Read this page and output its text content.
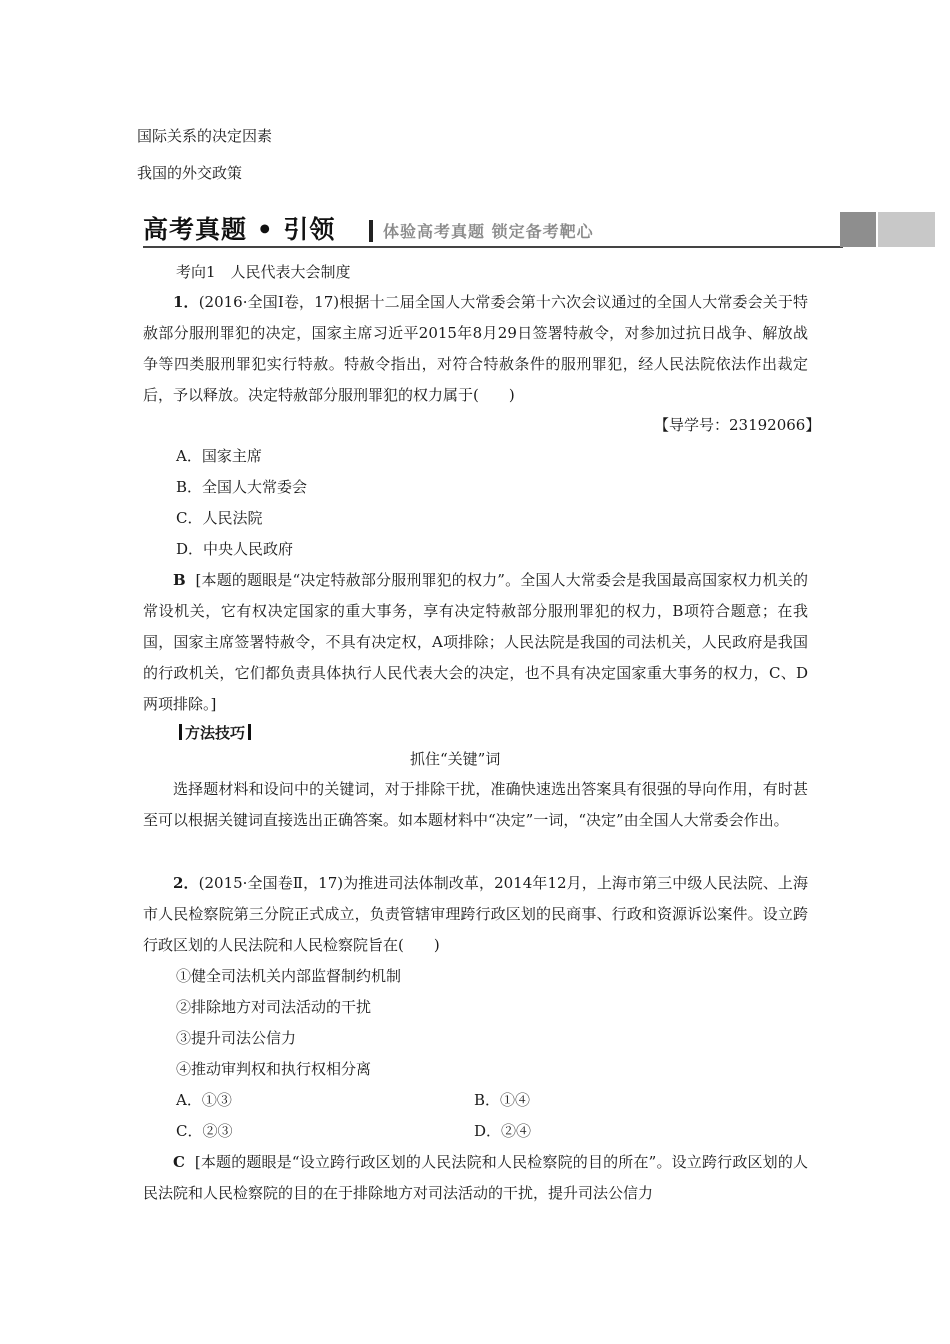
国际关系的决定因素
我国的外交政策
高考真题 • 引领	体验高考真题 锁定备考靶心
考向1　人民代表大会制度
1．(2016·全国Ⅰ卷，17)根据十二届全国人大常委会第十六次会议通过的全国人大常委会关于特赦部分服刑罪犯的决定，国家主席习近平2015年8月29日签署特赦令，对参加过抗日战争、解放战争等四类服刑罪犯实行特赦。特赦令指出，对符合特赦条件的服刑罪犯，经人民法院依法作出裁定后，予以释放。决定特赦部分服刑罪犯的权力属于(　　)
【导学号：23192066】
A．国家主席
B．全国人大常委会
C．人民法院
D．中央人民政府
B [本题的题眼是“决定特赦部分服刑罪犯的权力”。全国人大常委会是我国最高国家权力机关的常设机关，它有权决定国家的重大事务，享有决定特赦部分服刑罪犯的权力，B项符合题意；在我国，国家主席签署特赦令，不具有决定权，A项排除；人民法院是我国的司法机关，人民政府是我国的行政机关，它们都负责具体执行人民代表大会的决定，也不具有决定国家重大事务的权力，C、D两项排除。]
方法技巧
抓住“关键”词
选择题材料和设问中的关键词，对于排除干扰，准确快速选出答案具有很强的导向作用，有时甚至可以根据关键词直接选出正确答案。如本题材料中“决定”一词，“决定”由全国人大常委会作出。
2．(2015·全国卷Ⅱ，17)为推进司法体制改革，2014年12月，上海市第三中级人民法院、上海市人民检察院第三分院正式成立，负责管辖审理跨行政区划的民商事、行政和资源诉讼案件。设立跨行政区划的人民法院和人民检察院旨在(　　)
①健全司法机关内部监督制约机制
②排除地方对司法活动的干扰
③提升司法公信力
④推动审判权和执行权相分离
A．①③	B．①④
C．②③	D．②④
C [本题的题眼是“设立跨行政区划的人民法院和人民检察院的目的所在”。设立跨行政区划的人民法院和人民检察院的目的在于排除地方对司法活动的干扰，提升司法公信力
